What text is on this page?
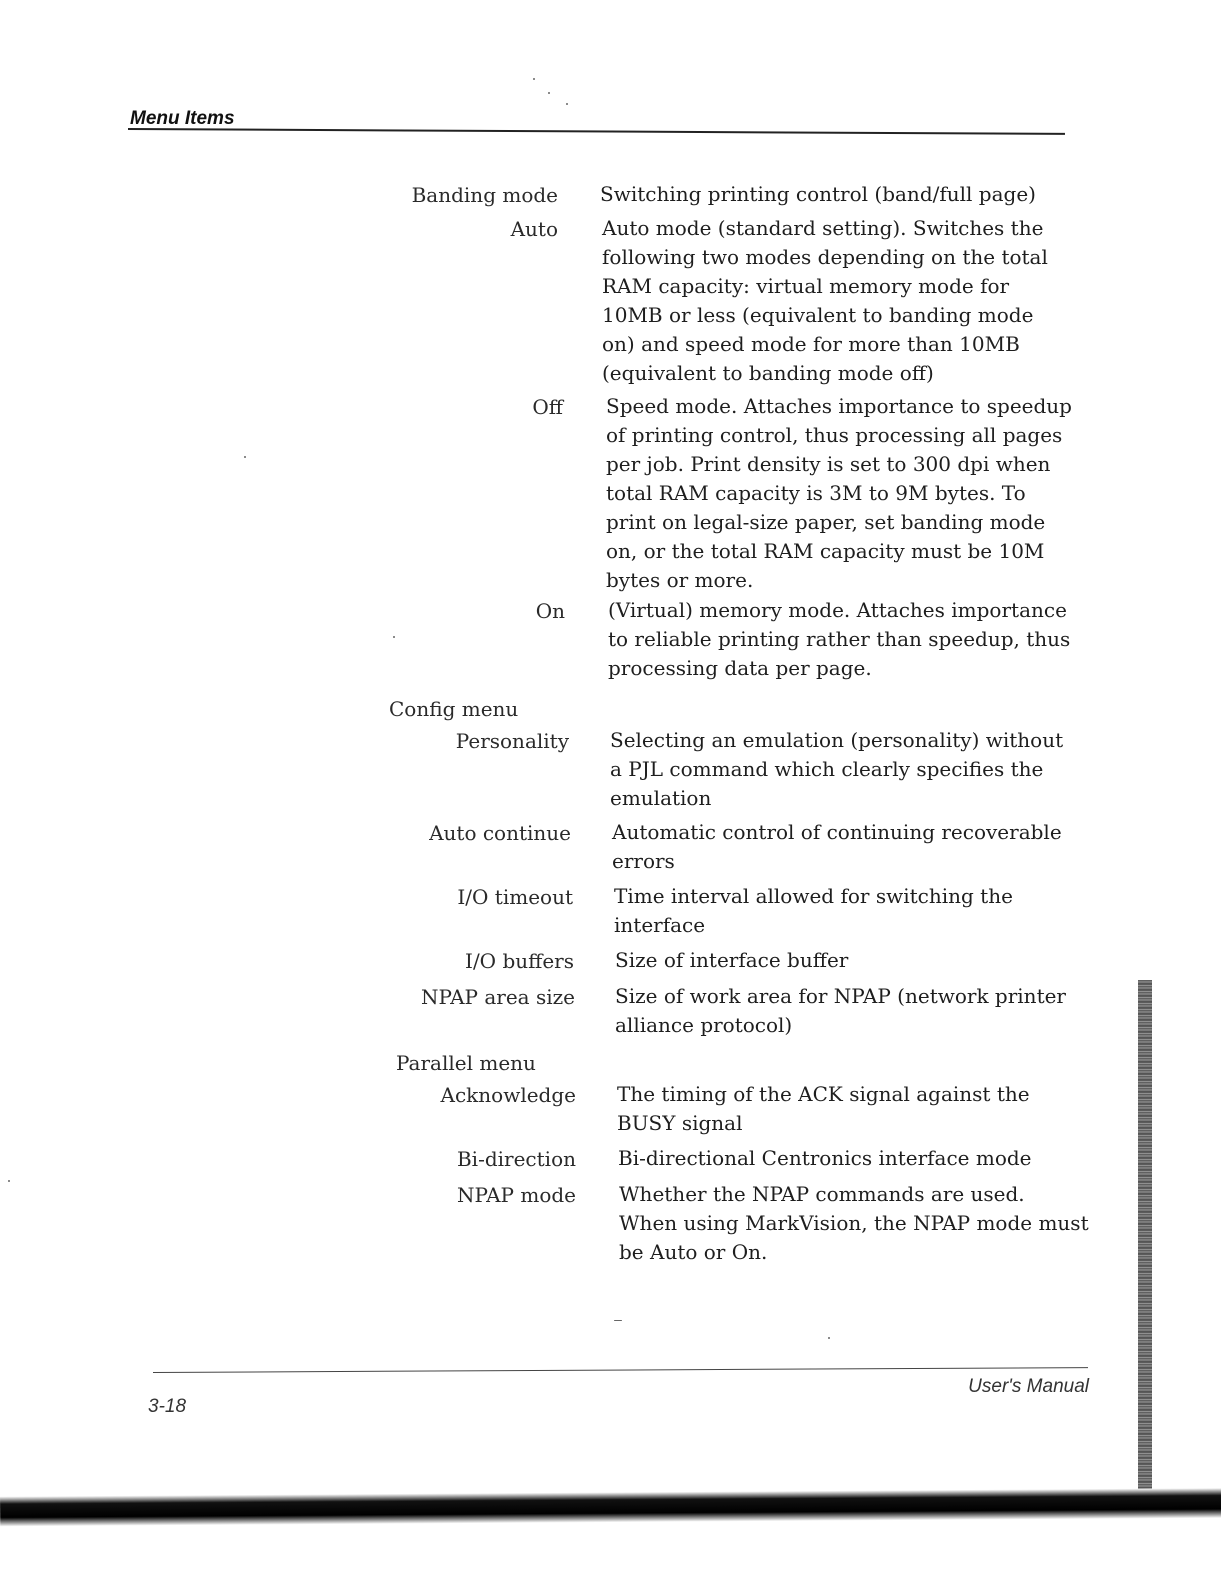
Menu Items
Banding mode Switching printing control (band/full page)
Auto Auto mode (standard setting). Switches the following two modes depending on the total RAM capacity: virtual memory mode for 10MB or less (equivalent to banding mode on) and speed mode for more than 10MB (equivalent to banding mode off)
Off Speed mode. Attaches importance to speedup of printing control, thus processing all pages per job. Print density is set to 300 dpi when total RAM capacity is 3M to 9M bytes. To print on legal-size paper, set banding mode on, or the total RAM capacity must be 10M bytes or more.
On (Virtual) memory mode. Attaches importance to reliable printing rather than speedup, thus processing data per page.
Config menu
Personality Selecting an emulation (personality) without a PJL command which clearly specifies the emulation
Auto continue Automatic control of continuing recoverable errors
I/O timeout Time interval allowed for switching the interface
I/O buffers Size of interface buffer
NPAP area size Size of work area for NPAP (network printer alliance protocol)
Parallel menu
Acknowledge The timing of the ACK signal against the BUSY signal
Bi-direction Bi-directional Centronics interface mode
NPAP mode Whether the NPAP commands are used. When using MarkVision, the NPAP mode must be Auto or On.
3-18
User's Manual
